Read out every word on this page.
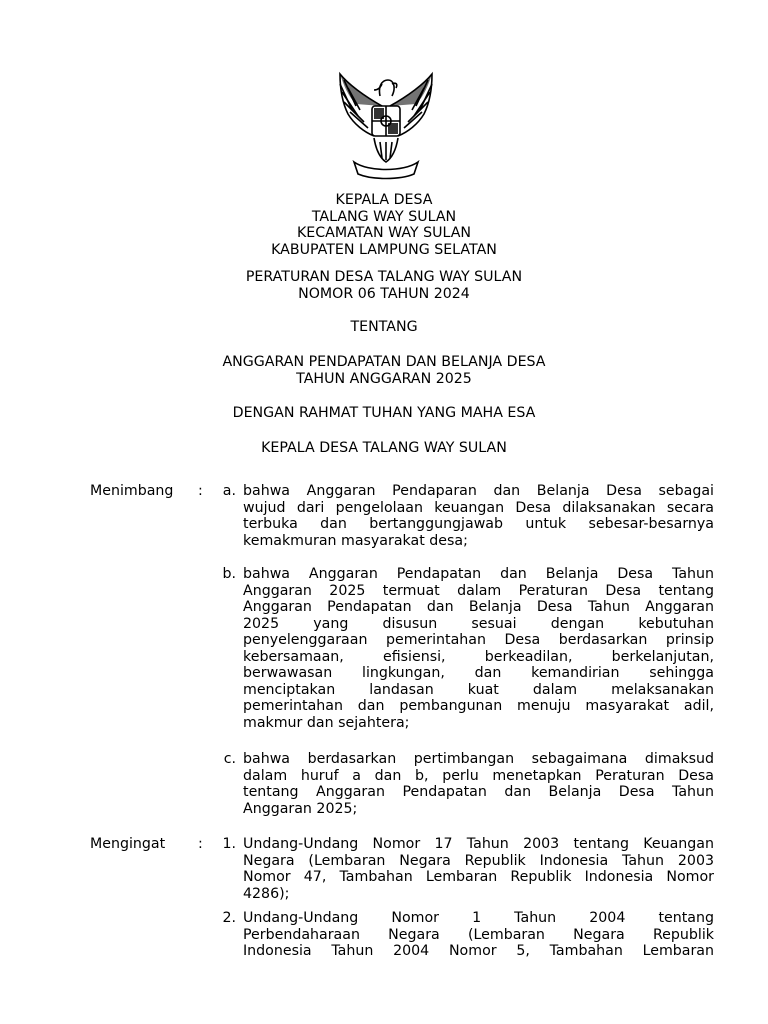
KEPALA DESA
TALANG WAY SULAN
KECAMATAN WAY SULAN
KABUPATEN LAMPUNG SELATAN
PERATURAN DESA TALANG WAY SULAN
NOMOR 06 TAHUN 2024
TENTANG
ANGGARAN PENDAPATAN DAN BELANJA DESA
TAHUN ANGGARAN 2025
DENGAN RAHMAT TUHAN YANG MAHA ESA
KEPALA DESA TALANG WAY SULAN
Menimbang :	a. bahwa Anggaran Pendaparan dan Belanja Desa sebagai
wujud dari pengelolaan keuangan Desa dilaksanakan secara
terbuka dan bertanggungjawab untuk sebesar-besarnya
kemakmuran masyarakat desa;
b. bahwa Anggaran Pendapatan dan Belanja Desa Tahun
Anggaran 2025 termuat dalam Peraturan Desa tentang
Anggaran Pendapatan dan Belanja Desa Tahun Anggaran
2025 yang disusun sesuai dengan kebutuhan
penyelenggaraan pemerintahan Desa berdasarkan prinsip
kebersamaan, efisiensi, berkeadilan, berkelanjutan,
berwawasan lingkungan, dan kemandirian sehingga
menciptakan landasan kuat dalam melaksanakan
pemerintahan dan pembangunan menuju masyarakat adil,
makmur dan sejahtera;
c. bahwa berdasarkan pertimbangan sebagaimana dimaksud
dalam huruf a dan b, perlu menetapkan Peraturan Desa
tentang Anggaran Pendapatan dan Belanja Desa Tahun
Anggaran 2025;
Mengingat :	1. Undang-Undang Nomor 17 Tahun 2003 tentang Keuangan
Negara (Lembaran Negara Republik Indonesia Tahun 2003
Nomor 47, Tambahan Lembaran Republik Indonesia Nomor
4286);
2. Undang-Undang Nomor 1 Tahun 2004 tentang
Perbendaharaan Negara (Lembaran Negara Republik
Indonesia Tahun 2004 Nomor 5, Tambahan Lembaran
